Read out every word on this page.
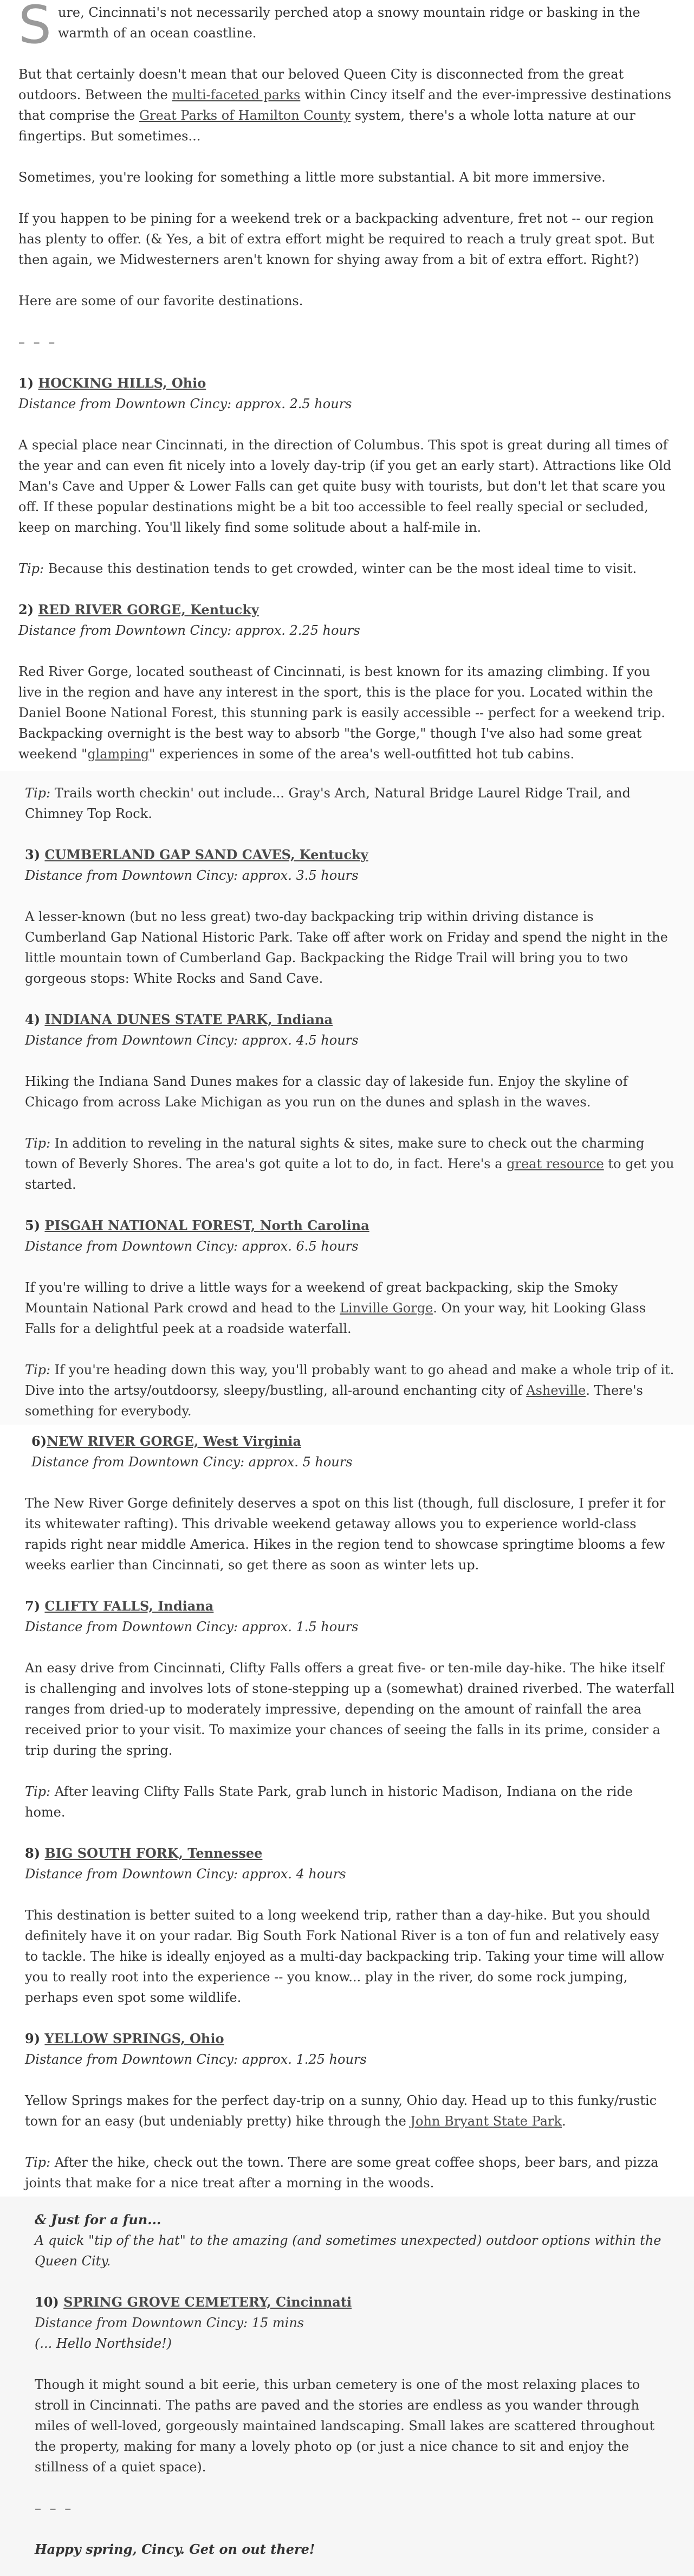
Sure, Cincinnati's not necessarily perched atop a snowy mountain ridge or basking in the warmth of an ocean coastline.

But that certainly doesn't mean that our beloved Queen City is disconnected from the great outdoors. Between the multi-faceted parks within Cincy itself and the ever-impressive destinations that comprise the Great Parks of Hamilton County system, there's a whole lotta nature at our fingertips. But sometimes...

Sometimes, you're looking for something a little more substantial. A bit more immersive.

If you happen to be pining for a weekend trek or a backpacking adventure, fret not -- our region has plenty to offer. (& Yes, a bit of extra effort might be required to reach a truly great spot. But then again, we Midwesterners aren't known for shying away from a bit of extra effort. Right?)

Here are some of our favorite destinations.

– – –

1) HOCKING HILLS, Ohio

Distance from Downtown Cincy: approx. 2.5 hours

A special place near Cincinnati, in the direction of Columbus. This spot is great during all times of the year and can even fit nicely into a lovely day-trip (if you get an early start). Attractions like Old Man's Cave and Upper & Lower Falls can get quite busy with tourists, but don't let that scare you off. If these popular destinations might be a bit too accessible to feel really special or secluded, keep on marching. You'll likely find some solitude about a half-mile in.

Tip: Because this destination tends to get crowded, winter can be the most ideal time to visit.

2) RED RIVER GORGE, Kentucky

Distance from Downtown Cincy: approx. 2.25 hours

Red River Gorge, located southeast of Cincinnati, is best known for its amazing climbing. If you live in the region and have any interest in the sport, this is the place for you. Located within the Daniel Boone National Forest, this stunning park is easily accessible -- perfect for a weekend trip. Backpacking overnight is the best way to absorb "the Gorge," though I've also had some great weekend "glamping" experiences in some of the area's well-outfitted hot tub cabins.

Tip: Trails worth checkin' out include... Gray's Arch, Natural Bridge Laurel Ridge Trail, and Chimney Top Rock.

3) CUMBERLAND GAP SAND CAVES, Kentucky

Distance from Downtown Cincy: approx. 3.5 hours

A lesser-known (but no less great) two-day backpacking trip within driving distance is Cumberland Gap National Historic Park. Take off after work on Friday and spend the night in the little mountain town of Cumberland Gap. Backpacking the Ridge Trail will bring you to two gorgeous stops: White Rocks and Sand Cave.

4) INDIANA DUNES STATE PARK, Indiana

Distance from Downtown Cincy: approx. 4.5 hours

Hiking the Indiana Sand Dunes makes for a classic day of lakeside fun. Enjoy the skyline of Chicago from across Lake Michigan as you run on the dunes and splash in the waves.

Tip: In addition to reveling in the natural sights & sites, make sure to check out the charming town of Beverly Shores. The area's got quite a lot to do, in fact. Here's a great resource to get you started.

5) PISGAH NATIONAL FOREST, North Carolina

Distance from Downtown Cincy: approx. 6.5 hours

If you're willing to drive a little ways for a weekend of great backpacking, skip the Smoky Mountain National Park crowd and head to the Linville Gorge. On your way, hit Looking Glass Falls for a delightful peek at a roadside waterfall.

Tip: If you're heading down this way, you'll probably want to go ahead and make a whole trip of it. Dive into the artsy/outdoorsy, sleepy/bustling, all-around enchanting city of Asheville. There's something for everybody.

6)NEW RIVER GORGE, West Virginia

Distance from Downtown Cincy: approx. 5 hours

The New River Gorge definitely deserves a spot on this list (though, full disclosure, I prefer it for its whitewater rafting). This drivable weekend getaway allows you to experience world-class rapids right near middle America. Hikes in the region tend to showcase springtime blooms a few weeks earlier than Cincinnati, so get there as soon as winter lets up.

7) CLIFTY FALLS, Indiana

Distance from Downtown Cincy: approx. 1.5 hours

An easy drive from Cincinnati, Clifty Falls offers a great five- or ten-mile day-hike. The hike itself is challenging and involves lots of stone-stepping up a (somewhat) drained riverbed. The waterfall ranges from dried-up to moderately impressive, depending on the amount of rainfall the area received prior to your visit. To maximize your chances of seeing the falls in its prime, consider a trip during the spring.

Tip: After leaving Clifty Falls State Park, grab lunch in historic Madison, Indiana on the ride home.

8) BIG SOUTH FORK, Tennessee

Distance from Downtown Cincy: approx. 4 hours

This destination is better suited to a long weekend trip, rather than a day-hike. But you should definitely have it on your radar. Big South Fork National River is a ton of fun and relatively easy to tackle. The hike is ideally enjoyed as a multi-day backpacking trip. Taking your time will allow you to really root into the experience -- you know... play in the river, do some rock jumping, perhaps even spot some wildlife.

9) YELLOW SPRINGS, Ohio

Distance from Downtown Cincy: approx. 1.25 hours

Yellow Springs makes for the perfect day-trip on a sunny, Ohio day. Head up to this funky/rustic town for an easy (but undeniably pretty) hike through the John Bryant State Park.

Tip: After the hike, check out the town. There are some great coffee shops, beer bars, and pizza joints that make for a nice treat after a morning in the woods.

& Just for a fun...

A quick "tip of the hat" to the amazing (and sometimes unexpected) outdoor options within the Queen City.

10) SPRING GROVE CEMETERY, Cincinnati

Distance from Downtown Cincy: 15 mins

(... Hello Northside!)

Though it might sound a bit eerie, this urban cemetery is one of the most relaxing places to stroll in Cincinnati. The paths are paved and the stories are endless as you wander through miles of well-loved, gorgeously maintained landscaping. Small lakes are scattered throughout the property, making for many a lovely photo op (or just a nice chance to sit and enjoy the stillness of a quiet space).

– – –

Happy spring, Cincy. Get on out there!
